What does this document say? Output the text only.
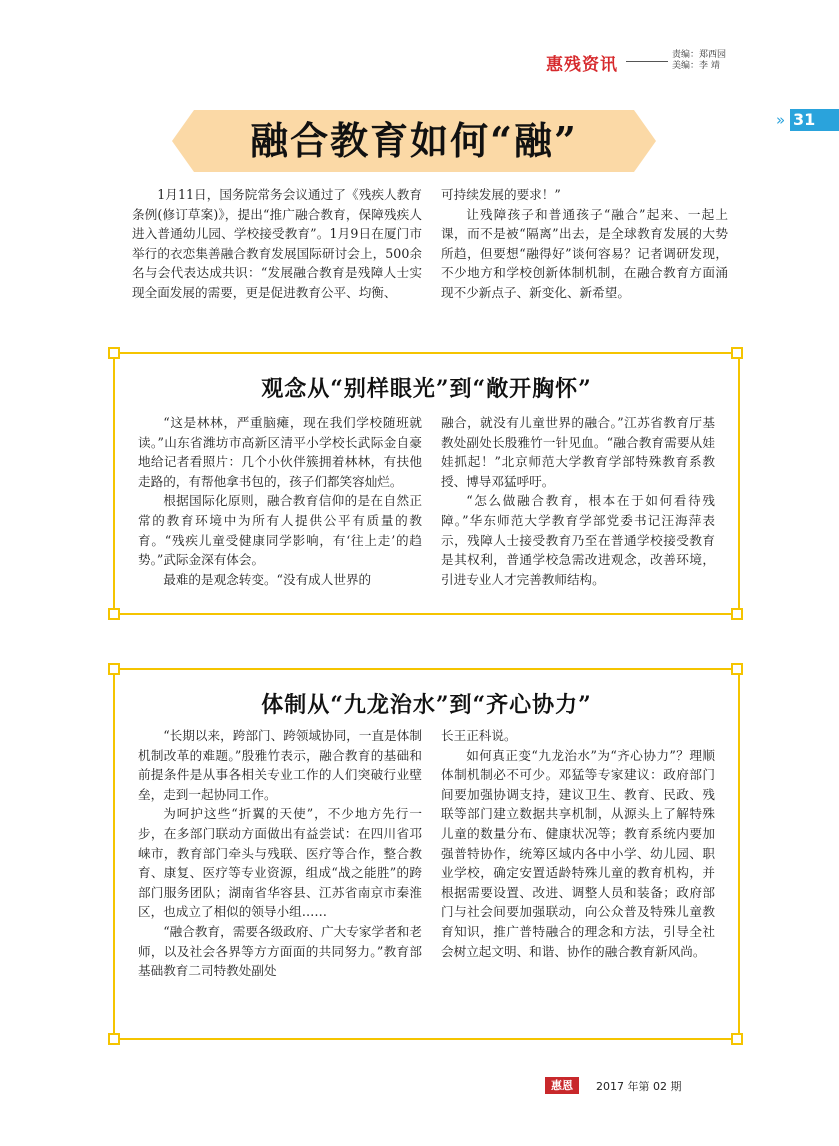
惠残资讯	责编：郑西园
美编：李 靖
» 31
融合教育如何“融”

1月11日，国务院常务会议通过了《残疾人教育条例(修订草案)》，提出“推广融合教育，保障残疾人进入普通幼儿园、学校接受教育”。1月9日在厦门市举行的衣恋集善融合教育发展国际研讨会上，500余名与会代表达成共识：“发展融合教育是残障人士实现全面发展的需要，更是促进教育公平、均衡、

可持续发展的要求！”

让残障孩子和普通孩子“融合”起来、一起上课，而不是被“隔离”出去，是全球教育发展的大势所趋，但要想“融得好”谈何容易？记者调研发现，不少地方和学校创新体制机制，在融合教育方面涌现不少新点子、新变化、新希望。

观念从“别样眼光”到“敞开胸怀”

“这是林林，严重脑瘫，现在我们学校随班就读。”山东省潍坊市高新区清平小学校长武际金自豪地给记者看照片：几个小伙伴簇拥着林林，有扶他走路的，有帮他拿书包的，孩子们都笑容灿烂。

根据国际化原则，融合教育信仰的是在自然正常的教育环境中为所有人提供公平有质量的教育。“残疾儿童受健康同学影响，有‘往上走’的趋势。”武际金深有体会。

最难的是观念转变。“没有成人世界的

融合，就没有儿童世界的融合。”江苏省教育厅基教处副处长殷雅竹一针见血。“融合教育需要从娃娃抓起！”北京师范大学教育学部特殊教育系教授、博导邓猛呼吁。

“怎么做融合教育，根本在于如何看待残障。”华东师范大学教育学部党委书记汪海萍表示，残障人士接受教育乃至在普通学校接受教育是其权利，普通学校急需改进观念，改善环境，引进专业人才完善教师结构。

体制从“九龙治水”到“齐心协力”

“长期以来，跨部门、跨领域协同，一直是体制机制改革的难题。”殷雅竹表示，融合教育的基础和前提条件是从事各相关专业工作的人们突破行业壁垒，走到一起协同工作。

为呵护这些“折翼的天使”，不少地方先行一步，在多部门联动方面做出有益尝试：在四川省邛崃市，教育部门牵头与残联、医疗等合作，整合教育、康复、医疗等专业资源，组成“战之能胜”的跨部门服务团队；湖南省华容县、江苏省南京市秦淮区，也成立了相似的领导小组……

“融合教育，需要各级政府、广大专家学者和老师，以及社会各界等方方面面的共同努力。”教育部基础教育二司特教处副处

长王正科说。

如何真正变“九龙治水”为“齐心协力”？理顺体制机制必不可少。邓猛等专家建议：政府部门间要加强协调支持，建议卫生、教育、民政、残联等部门建立数据共享机制，从源头上了解特殊儿童的数量分布、健康状况等；教育系统内要加强普特协作，统筹区域内各中小学、幼儿园、职业学校，确定安置适龄特殊儿童的教育机构，并根据需要设置、改进、调整人员和装备；政府部门与社会间要加强联动，向公众普及特殊儿童教育知识，推广普特融合的理念和方法，引导全社会树立起文明、和谐、协作的融合教育新风尚。

惠恩	2017 年第 02 期
